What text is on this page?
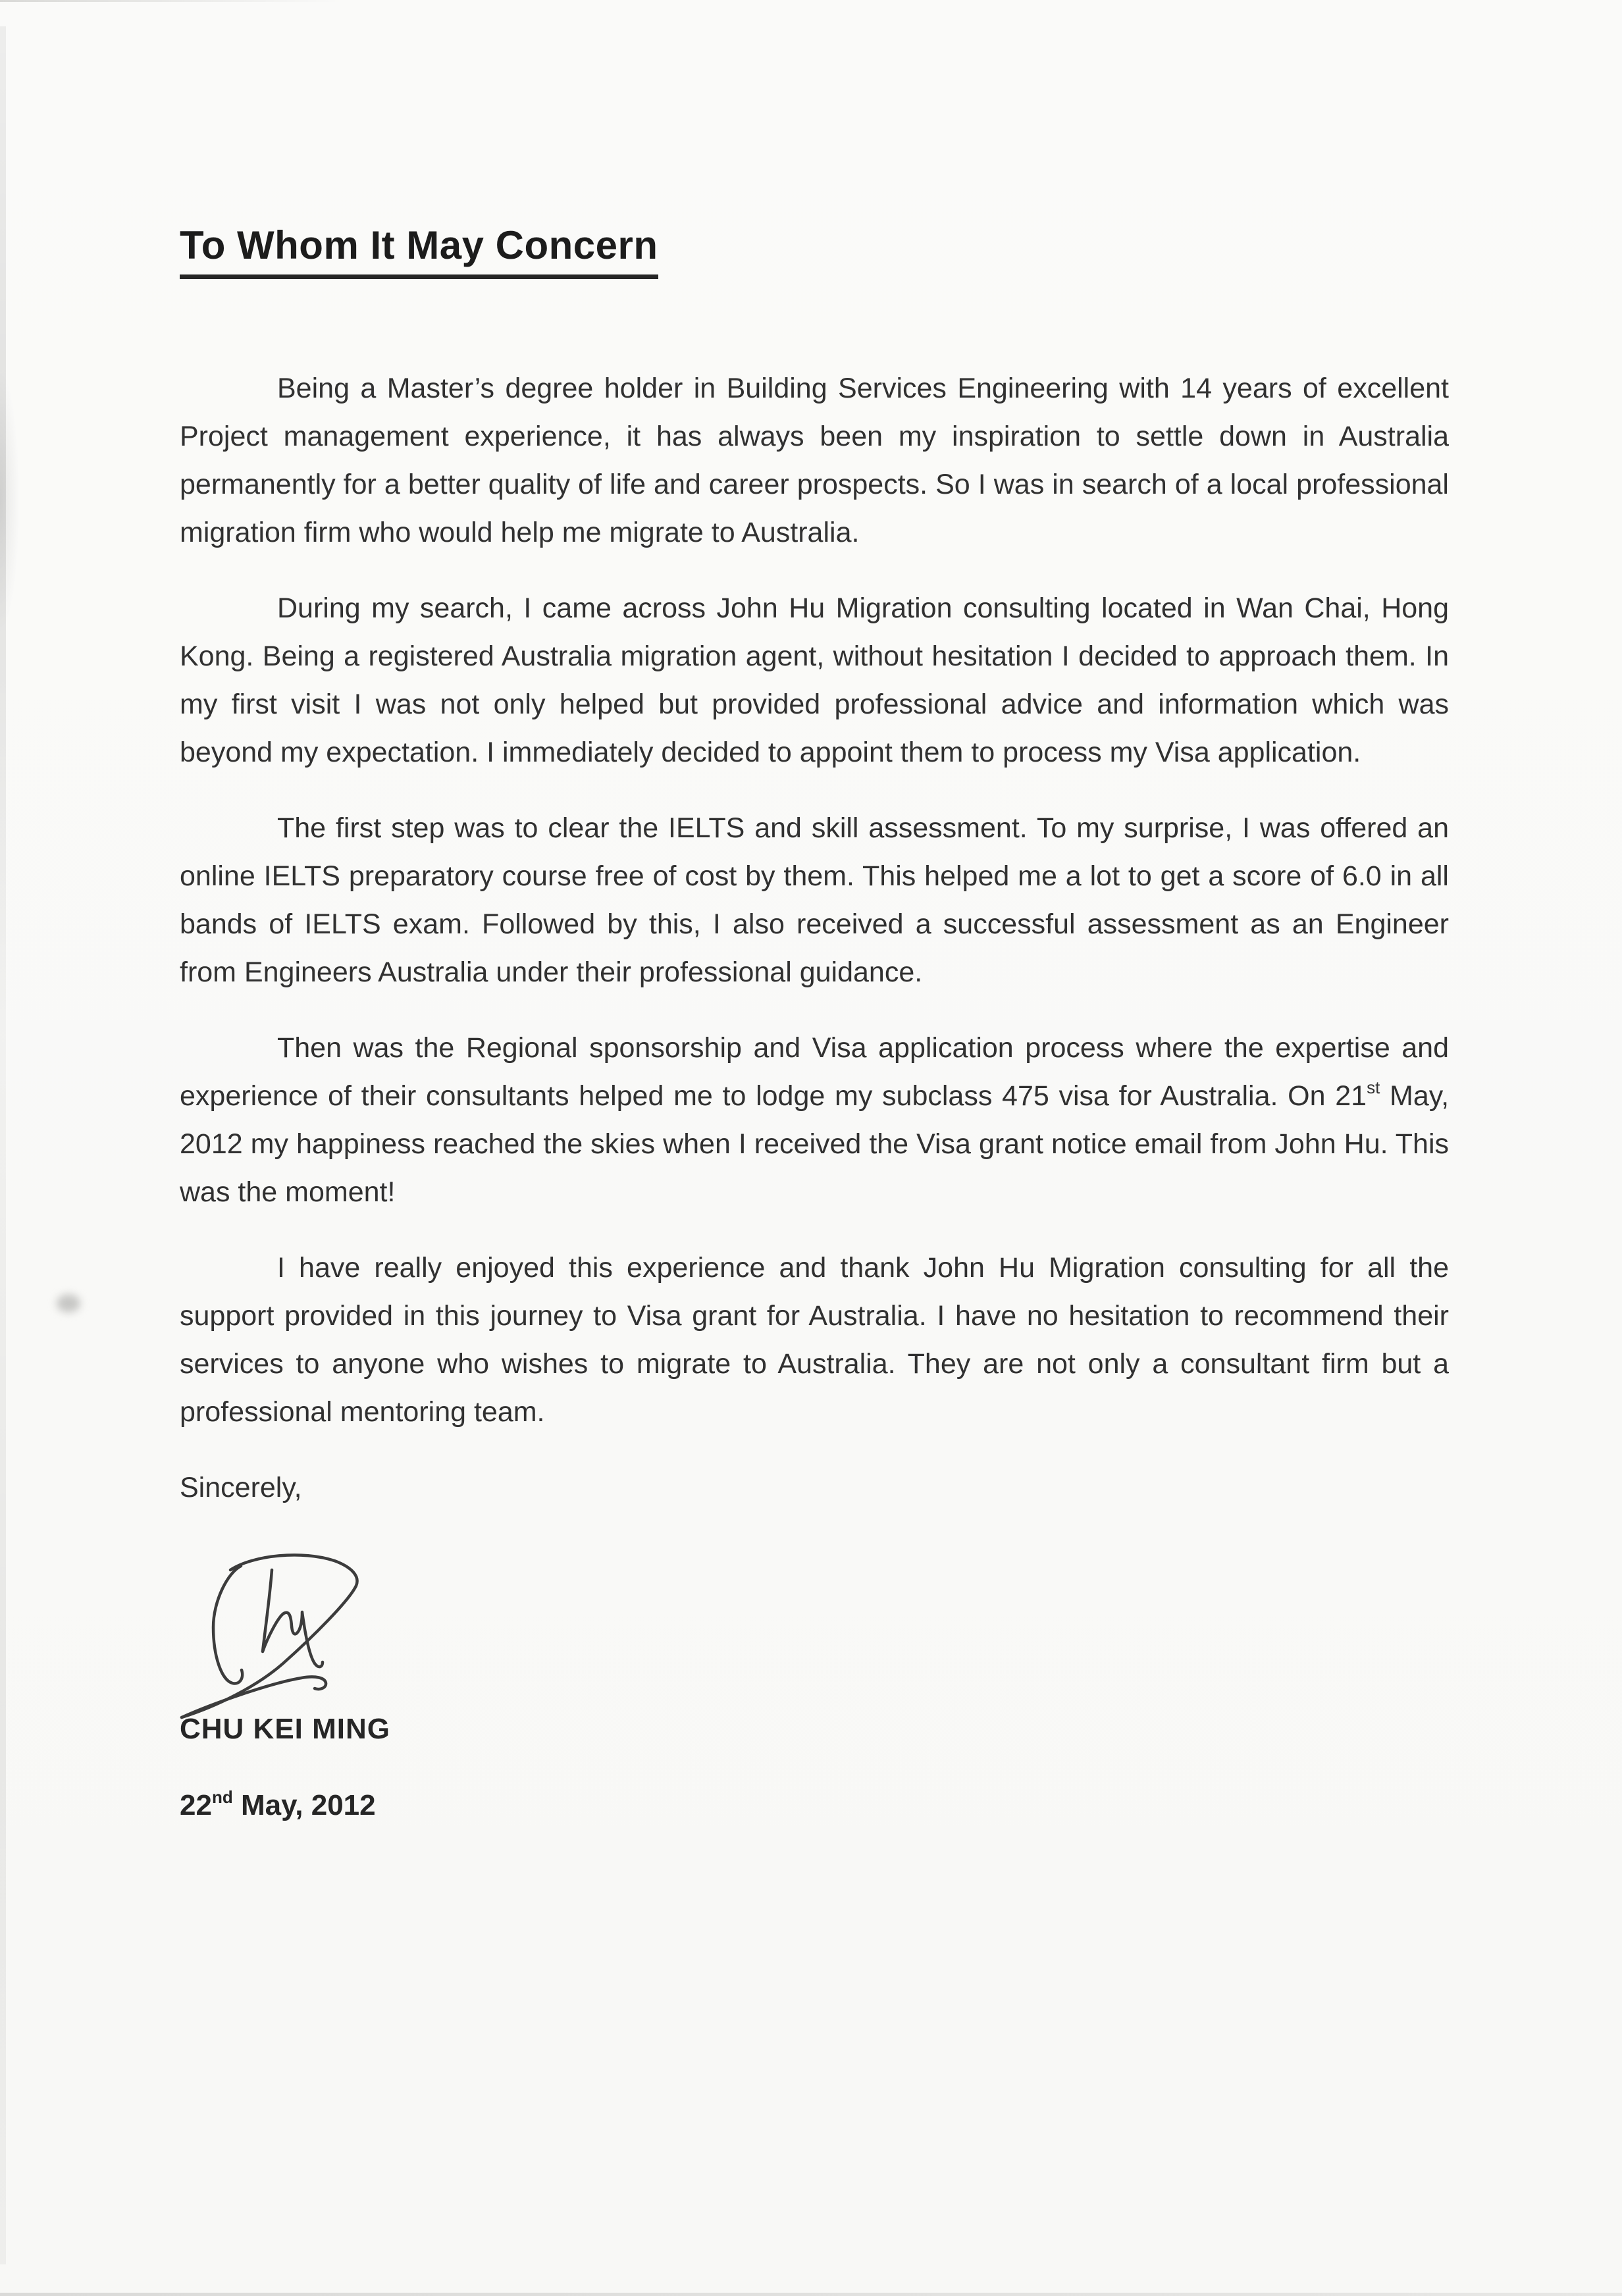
To Whom It May Concern

Being a Master’s degree holder in Building Services Engineering with 14 years of excellent Project management experience, it has always been my inspiration to settle down in Australia permanently for a better quality of life and career prospects. So I was in search of a local professional migration firm who would help me migrate to Australia.

During my search, I came across John Hu Migration consulting located in Wan Chai, Hong Kong. Being a registered Australia migration agent, without hesitation I decided to approach them. In my first visit I was not only helped but provided professional advice and information which was beyond my expectation. I immediately decided to appoint them to process my Visa application.

The first step was to clear the IELTS and skill assessment. To my surprise, I was offered an online IELTS preparatory course free of cost by them. This helped me a lot to get a score of 6.0 in all bands of IELTS exam. Followed by this, I also received a successful assessment as an Engineer from Engineers Australia under their professional guidance.

Then was the Regional sponsorship and Visa application process where the expertise and experience of their consultants helped me to lodge my subclass 475 visa for Australia. On 21st May, 2012 my happiness reached the skies when I received the Visa grant notice email from John Hu. This was the moment!

I have really enjoyed this experience and thank John Hu Migration consulting for all the support provided in this journey to Visa grant for Australia. I have no hesitation to recommend their services to anyone who wishes to migrate to Australia. They are not only a consultant firm but a professional mentoring team.

Sincerely,

CHU KEI MING

22nd May, 2012
